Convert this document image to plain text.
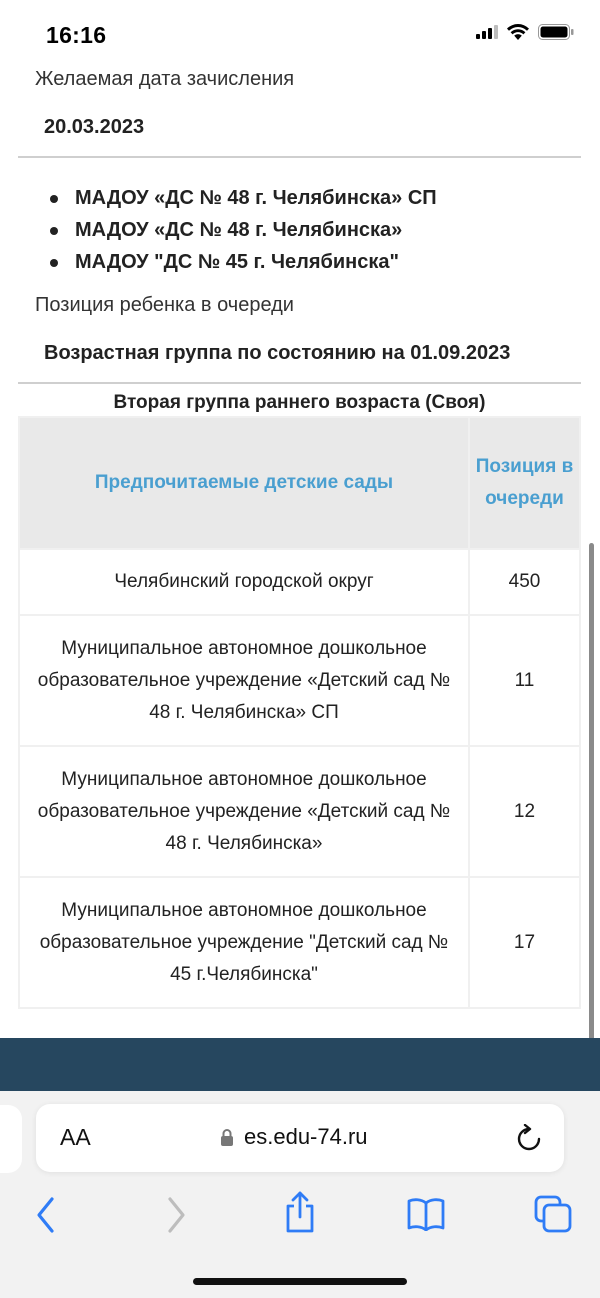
16:16
Желаемая дата зачисления
20.03.2023
МАДОУ «ДС № 48 г. Челябинска» СП
МАДОУ «ДС № 48 г. Челябинска»
МАДОУ "ДС № 45 г. Челябинска"
Позиция ребенка в очереди
Возрастная группа по состоянию на 01.09.2023
Вторая группа раннего возраста (Своя)
Предпочитаемые детские сады	Позиция в очереди
Челябинский городской округ	450
Муниципальное автономное дошкольное образовательное учреждение «Детский сад № 48 г. Челябинска» СП	11
Муниципальное автономное дошкольное образовательное учреждение «Детский сад № 48 г. Челябинска»	12
Муниципальное автономное дошкольное образовательное учреждение "Детский сад № 45 г.Челябинска"	17
AA	es.edu-74.ru
